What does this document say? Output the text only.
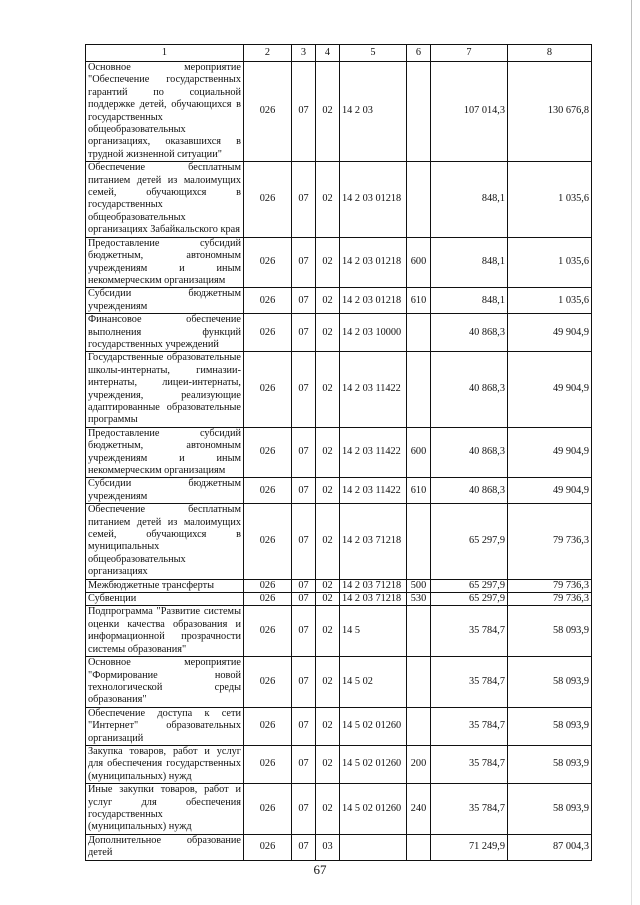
1	2	3	4	5	6	7	8
Основное мероприятие "Обеспечение государственных гарантий по социальной поддержке детей, обучающихся в государственных общеобразовательных организациях, оказавшихся в трудной жизненной ситуации"	026	07	02	14 2 03		107 014,3	130 676,8
Обеспечение бесплатным питанием детей из малоимущих семей, обучающихся в государственных общеобразовательных организациях Забайкальского края	026	07	02	14 2 03 01218		848,1	1 035,6
Предоставление субсидий бюджетным, автономным учреждениям и иным некоммерческим организациям	026	07	02	14 2 03 01218	600	848,1	1 035,6
Субсидии бюджетным учреждениям	026	07	02	14 2 03 01218	610	848,1	1 035,6
Финансовое обеспечение выполнения функций государственных учреждений	026	07	02	14 2 03 10000		40 868,3	49 904,9
Государственные образовательные школы-интернаты, гимназии-интернаты, лицеи-интернаты, учреждения, реализующие адаптированные образовательные программы	026	07	02	14 2 03 11422		40 868,3	49 904,9
Предоставление субсидий бюджетным, автономным учреждениям и иным некоммерческим организациям	026	07	02	14 2 03 11422	600	40 868,3	49 904,9
Субсидии бюджетным учреждениям	026	07	02	14 2 03 11422	610	40 868,3	49 904,9
Обеспечение бесплатным питанием детей из малоимущих семей, обучающихся в муниципальных общеобразовательных организациях	026	07	02	14 2 03 71218		65 297,9	79 736,3
Межбюджетные трансферты	026	07	02	14 2 03 71218	500	65 297,9	79 736,3
Субвенции	026	07	02	14 2 03 71218	530	65 297,9	79 736,3
Подпрограмма "Развитие системы оценки качества образования и информационной прозрачности системы образования"	026	07	02	14 5		35 784,7	58 093,9
Основное мероприятие "Формирование новой технологической среды образования"	026	07	02	14 5 02		35 784,7	58 093,9
Обеспечение доступа к сети "Интернет" образовательных организаций	026	07	02	14 5 02 01260		35 784,7	58 093,9
Закупка товаров, работ и услуг для обеспечения государственных (муниципальных) нужд	026	07	02	14 5 02 01260	200	35 784,7	58 093,9
Иные закупки товаров, работ и услуг для обеспечения государственных (муниципальных) нужд	026	07	02	14 5 02 01260	240	35 784,7	58 093,9
Дополнительное образование детей	026	07	03			71 249,9	87 004,3
67
